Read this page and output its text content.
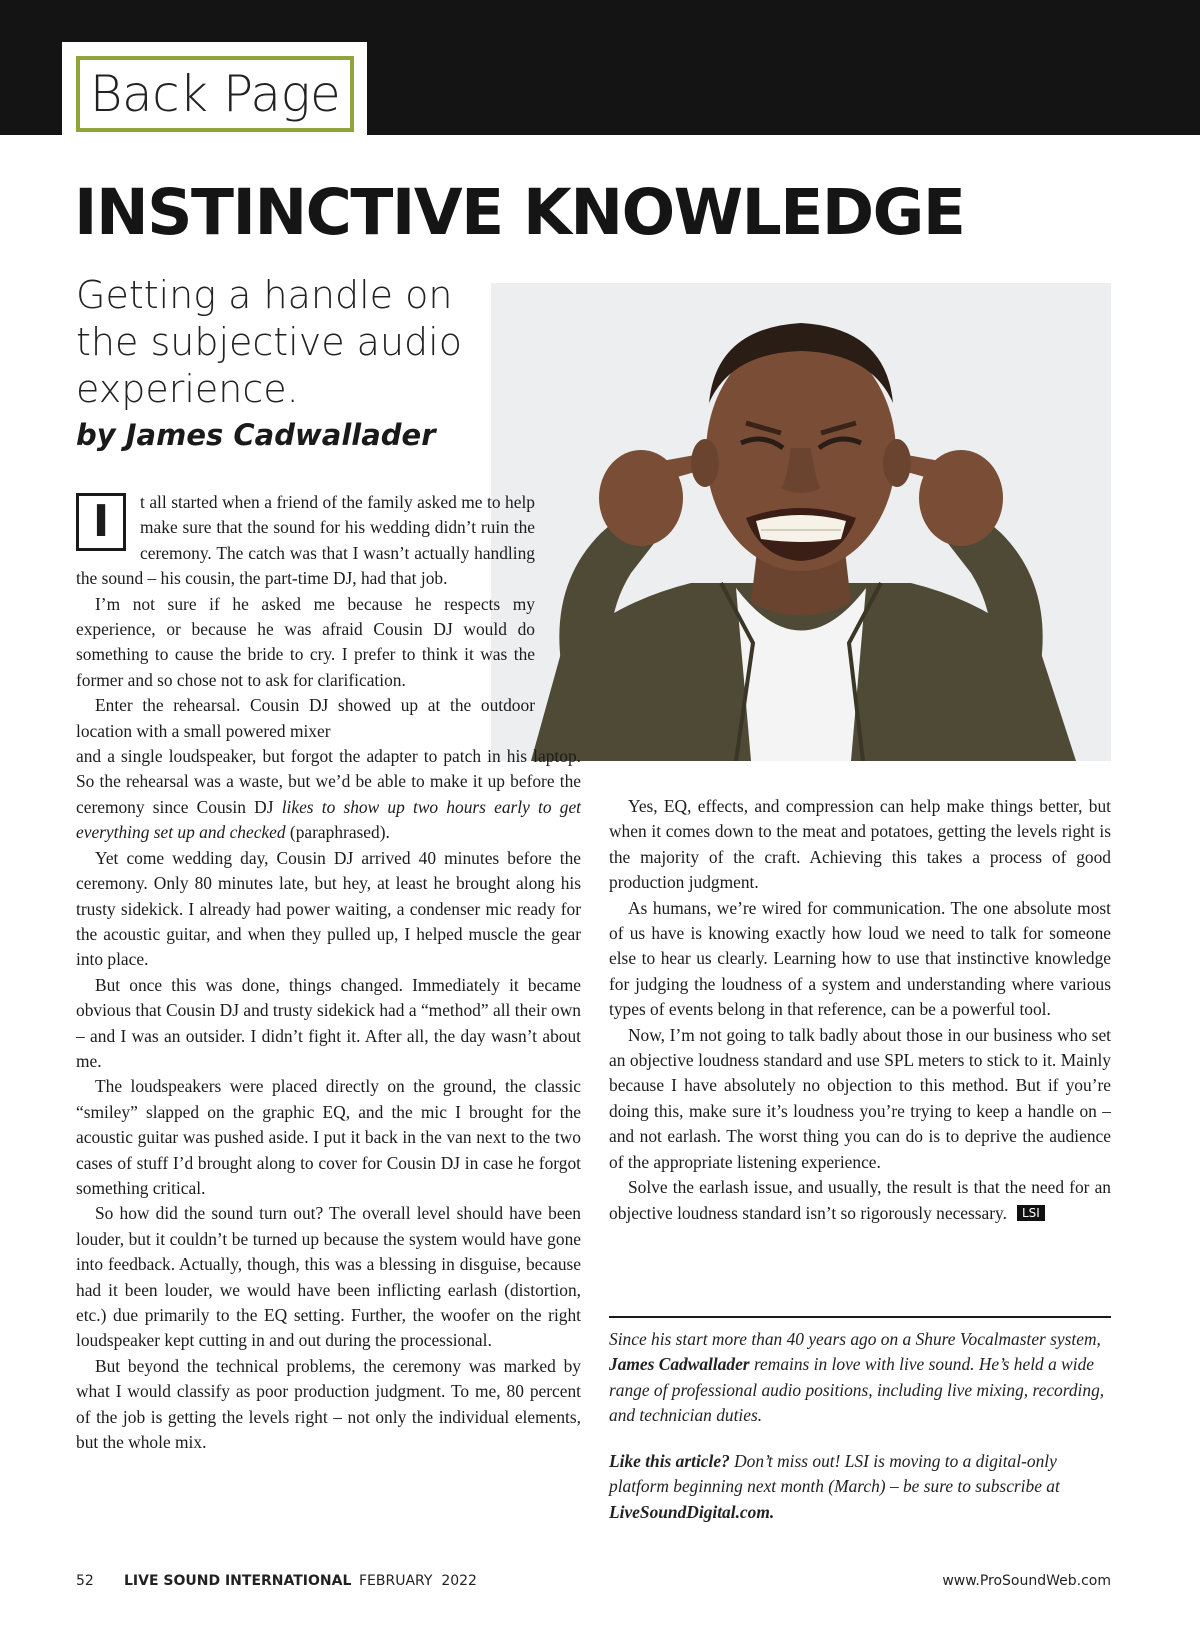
Back Page
INSTINCTIVE KNOWLEDGE
Getting a handle on the subjective audio experience.
by James Cadwallader

I	t all started when a friend of the family asked me to help make sure that the sound for his wedding didn’t ruin the ceremony. The catch was that I wasn’t actually handling the sound – his cousin, the part-time DJ, had that job.

I’m not sure if he asked me because he respects my experience, or because he was afraid Cousin DJ would do something to cause the bride to cry. I prefer to think it was the former and so chose not to ask for clarification.

Enter the rehearsal. Cousin DJ showed up at the outdoor location with a small powered mixer

and a single loudspeaker, but forgot the adapter to patch in his laptop. So the rehearsal was a waste, but we’d be able to make it up before the ceremony since Cousin DJ likes to show up two hours early to get everything set up and checked (paraphrased).

Yet come wedding day, Cousin DJ arrived 40 minutes before the ceremony. Only 80 minutes late, but hey, at least he brought along his trusty sidekick. I already had power waiting, a condenser mic ready for the acoustic guitar, and when they pulled up, I helped muscle the gear into place.

But once this was done, things changed. Immediately it became obvious that Cousin DJ and trusty sidekick had a “method” all their own – and I was an outsider. I didn’t fight it. After all, the day wasn’t about me.

The loudspeakers were placed directly on the ground, the classic “smiley” slapped on the graphic EQ, and the mic I brought for the acoustic guitar was pushed aside. I put it back in the van next to the two cases of stuff I’d brought along to cover for Cousin DJ in case he forgot something critical.

So how did the sound turn out? The overall level should have been louder, but it couldn’t be turned up because the system would have gone into feedback. Actually, though, this was a blessing in disguise, because had it been louder, we would have been inflicting earlash (distortion, etc.) due primarily to the EQ setting. Further, the woofer on the right loudspeaker kept cutting in and out during the processional.

But beyond the technical problems, the ceremony was marked by what I would classify as poor production judgment. To me, 80 percent of the job is getting the levels right – not only the individual elements, but the whole mix.

Yes, EQ, effects, and compression can help make things better, but when it comes down to the meat and potatoes, getting the levels right is the majority of the craft. Achieving this takes a process of good production judgment.

As humans, we’re wired for communication. The one absolute most of us have is knowing exactly how loud we need to talk for someone else to hear us clearly. Learning how to use that instinctive knowledge for judging the loudness of a system and understanding where various types of events belong in that reference, can be a powerful tool.

Now, I’m not going to talk badly about those in our business who set an objective loudness standard and use SPL meters to stick to it. Mainly because I have absolutely no objection to this method. But if you’re doing this, make sure it’s loudness you’re trying to keep a handle on – and not earlash. The worst thing you can do is to deprive the audience of the appropriate listening experience.

Solve the earlash issue, and usually, the result is that the need for an objective loudness standard isn’t so rigorously necessary. LSI

Since his start more than 40 years ago on a Shure Vocalmaster system, James Cadwallader remains in love with live sound. He’s held a wide range of professional audio positions, including live mixing, recording, and technician duties.

Like this article? Don’t miss out! LSI is moving to a digital-only platform beginning next month (March) – be sure to subscribe at LiveSoundDigital.com.

52 LIVE SOUND INTERNATIONAL FEBRUARY  2022	www.ProSoundWeb.com
